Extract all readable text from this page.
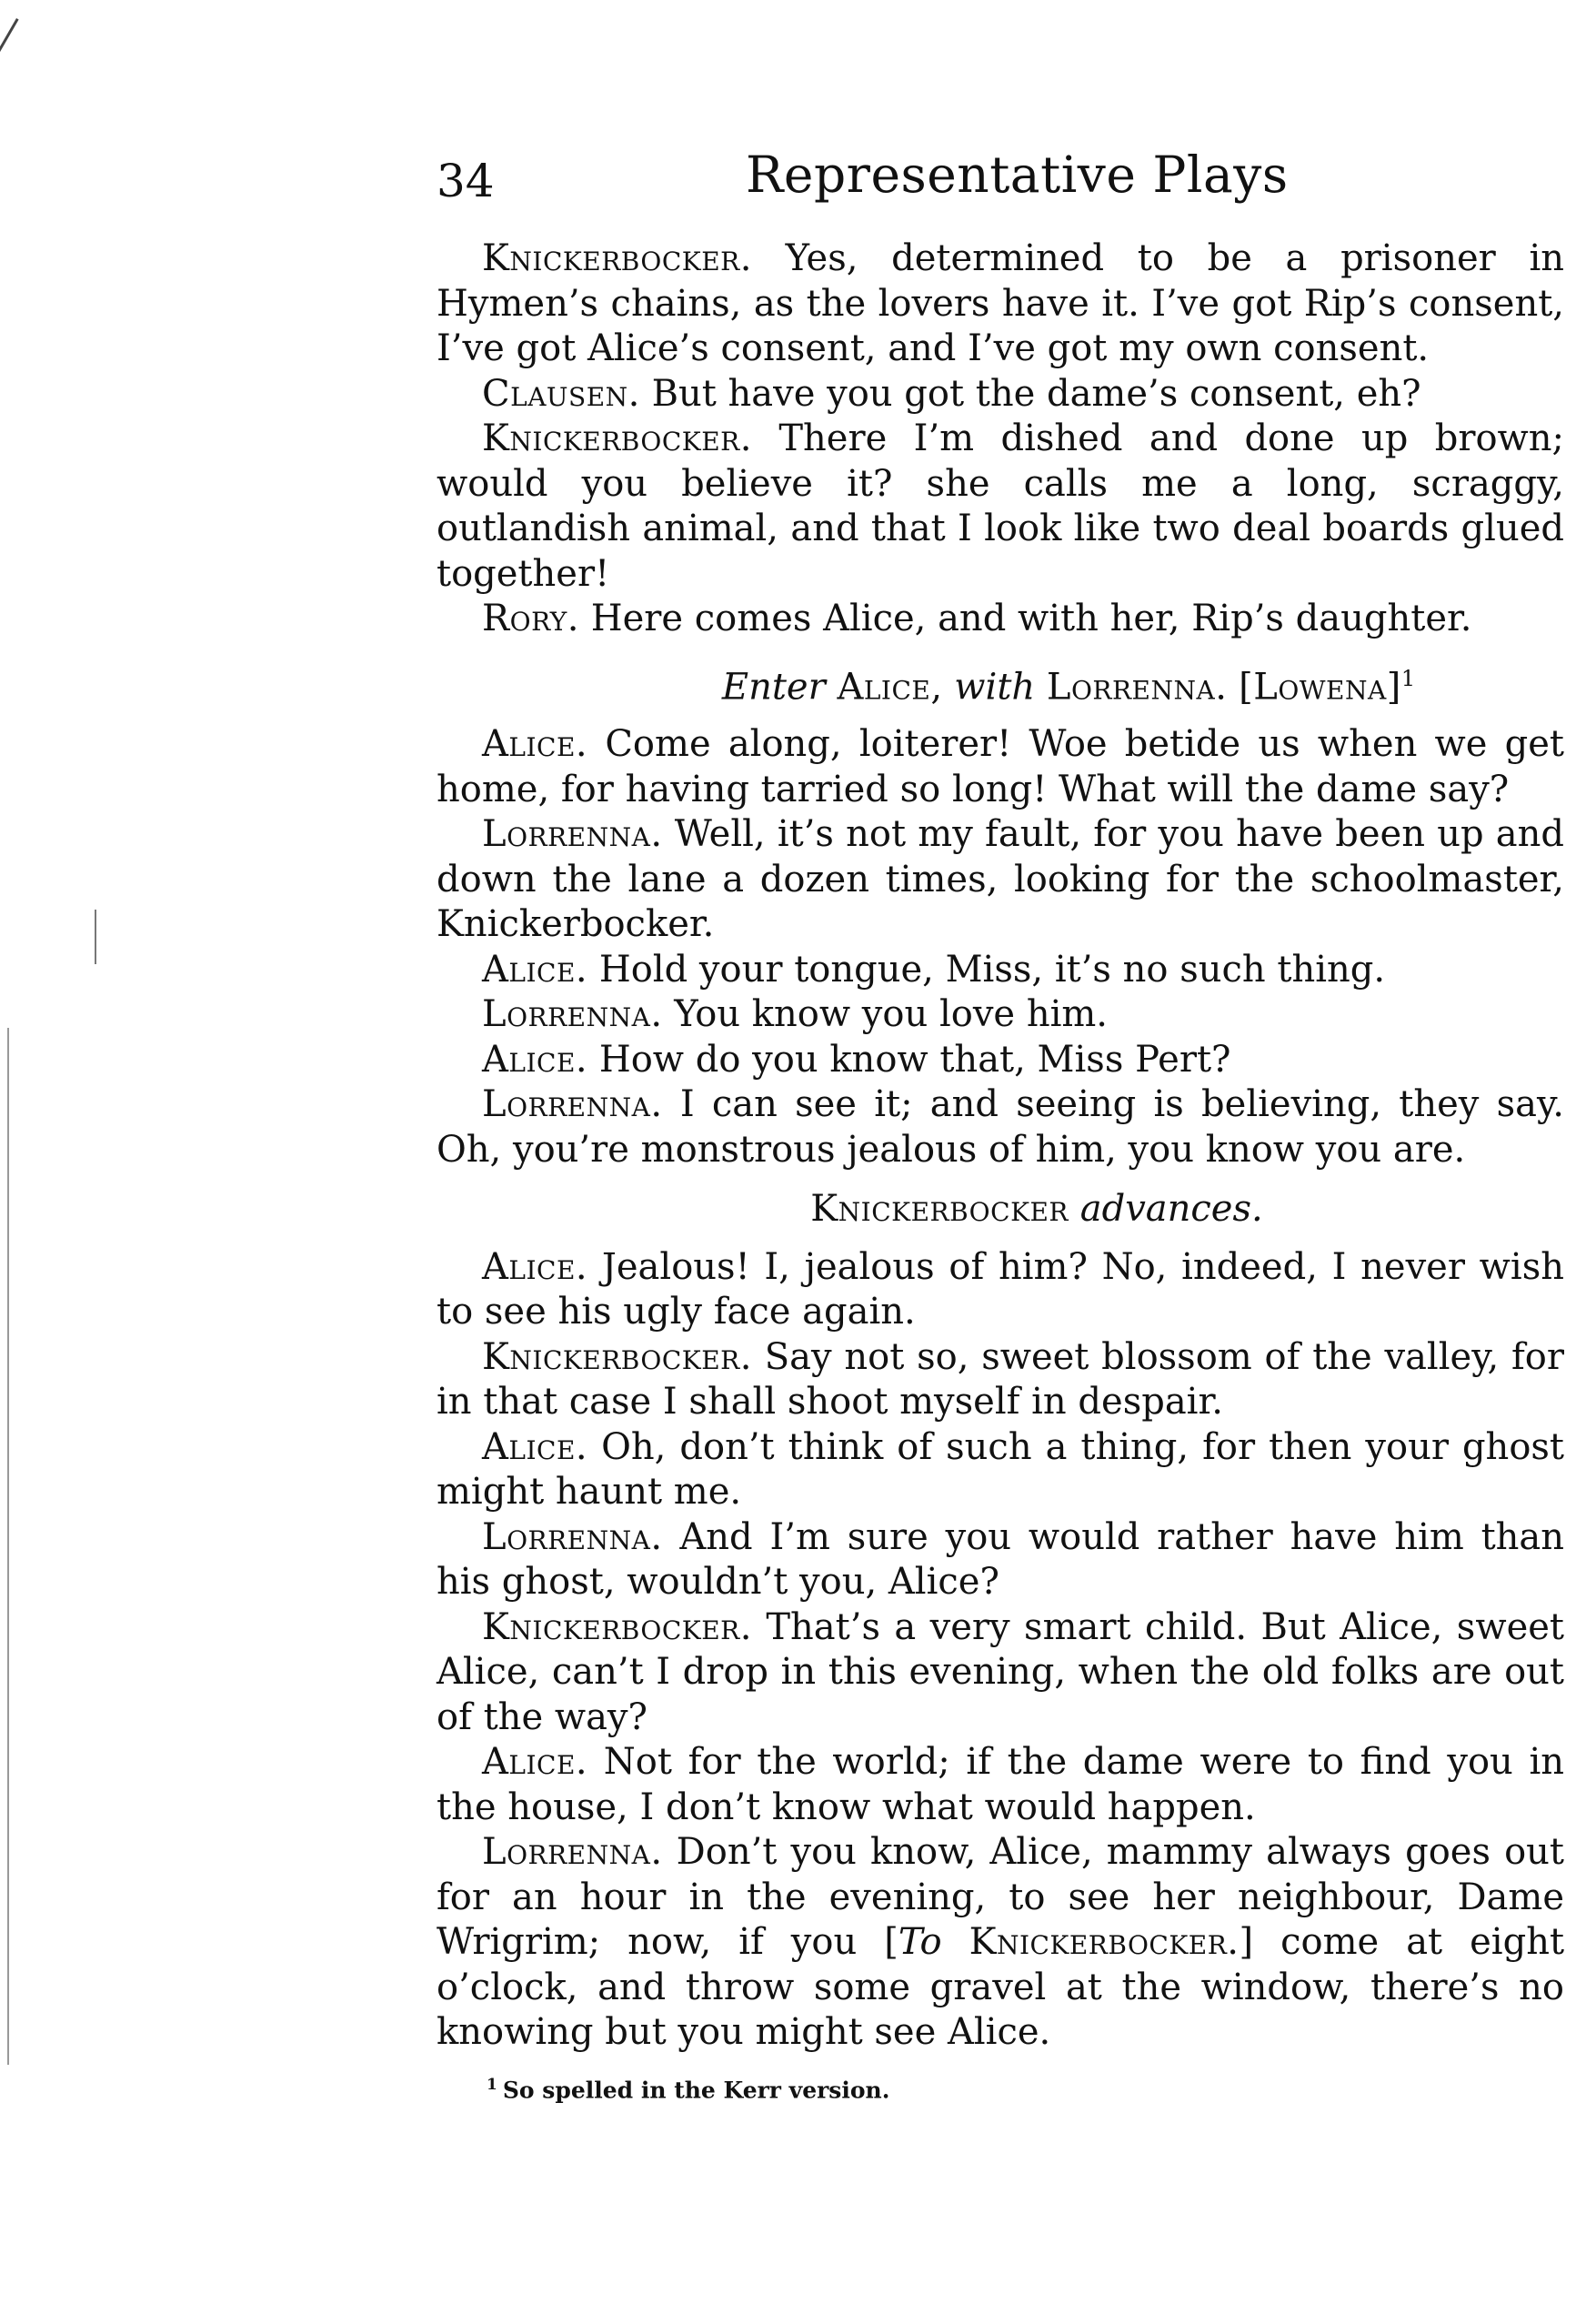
34	Representative Plays

Knickerbocker. Yes, determined to be a prisoner in Hymen’s chains, as the lovers have it. I’ve got Rip’s consent, I’ve got Alice’s consent, and I’ve got my own consent.

Clausen. But have you got the dame’s consent, eh?

Knickerbocker. There I’m dished and done up brown; would you believe it? she calls me a long, scraggy, outlandish animal, and that I look like two deal boards glued together!

Rory. Here comes Alice, and with her, Rip’s daughter.

Enter Alice, with Lorrenna. [Lowena]$^1$

Alice. Come along, loiterer! Woe betide us when we get home, for having tarried so long! What will the dame say?

Lorrenna. Well, it’s not my fault, for you have been up and down the lane a dozen times, looking for the schoolmaster, Knickerbocker.

Alice. Hold your tongue, Miss, it’s no such thing.

Lorrenna. You know you love him.

Alice. How do you know that, Miss Pert?

Lorrenna. I can see it; and seeing is believing, they say. Oh, you’re monstrous jealous of him, you know you are.

Knickerbocker advances.

Alice. Jealous! I, jealous of him? No, indeed, I never wish to see his ugly face again.

Knickerbocker. Say not so, sweet blossom of the valley, for in that case I shall shoot myself in despair.

Alice. Oh, don’t think of such a thing, for then your ghost might haunt me.

Lorrenna. And I’m sure you would rather have him than his ghost, wouldn’t you, Alice?

Knickerbocker. That’s a very smart child. But Alice, sweet Alice, can’t I drop in this evening, when the old folks are out of the way?

Alice. Not for the world; if the dame were to find you in the house, I don’t know what would happen.

Lorrenna. Don’t you know, Alice, mammy always goes out for an hour in the evening, to see her neighbour, Dame Wrigrim; now, if you [To Knickerbocker.] come at eight o’clock, and throw some gravel at the window, there’s no knowing but you might see Alice.

$^1$ So spelled in the Kerr version.
